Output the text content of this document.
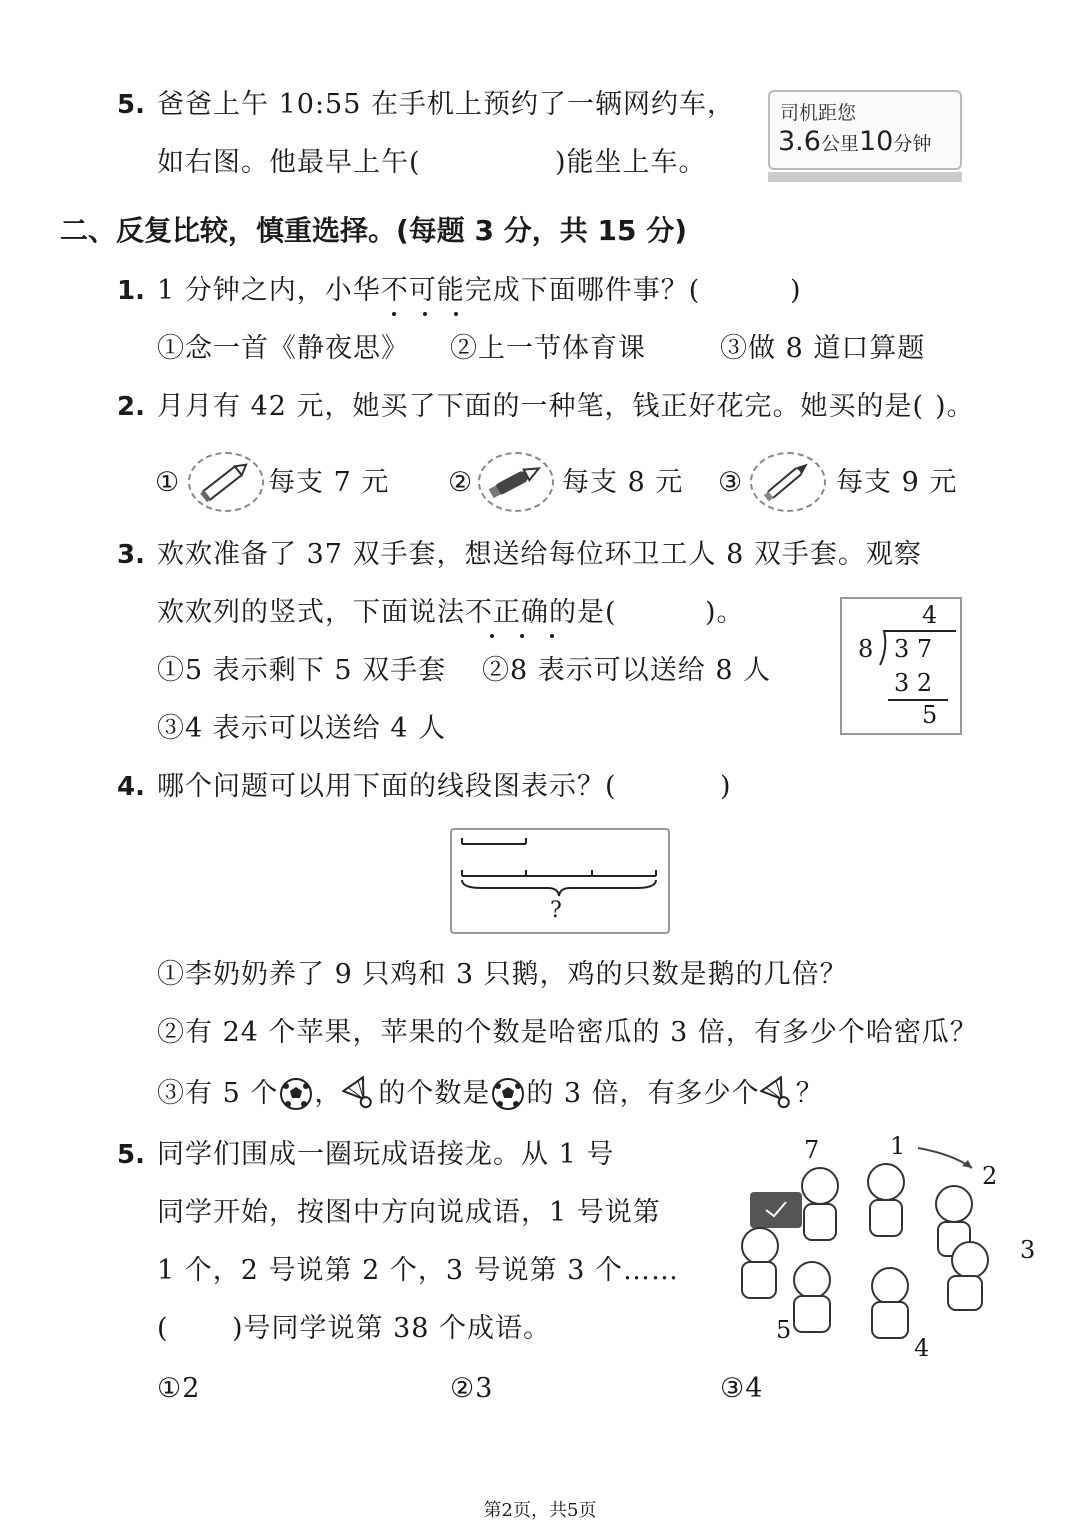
5. 爸爸上午 10:55 在手机上预约了一辆网约车，
如右图。他最早上午(	)能坐上车。
司机距您
3.6公里10分钟
二、反复比较，慎重选择。(每题 3 分，共 15 分)
1. 1 分钟之内，小华不可能完成下面哪件事？(	)
①念一首《静夜思》 ②上一节体育课	③做 8 道口算题
2. 月月有 42 元，她买了下面的一种笔，钱正好花完。她买的是( )。
①	每支 7 元 ②	每支 8 元 ③	每支 9 元
3. 欢欢准备了 37 双手套，想送给每位环卫工人 8 双手套。观察
欢欢列的竖式，下面说法不正确的是(	)。
①5 表示剩下 5 双手套 ②8 表示可以送给 8 人
③4 表示可以送给 4 人
4
8 3 7
3 2
5
4. 哪个问题可以用下面的线段图表示？(	)
?
①李奶奶养了 9 只鸡和 3 只鹅，鸡的只数是鹅的几倍？
②有 24 个苹果，苹果的个数是哈密瓜的 3 倍，有多少个哈密瓜？
③有 5 个 ， 的个数是 的 3 倍，有多少个 ？
5. 同学们围成一圈玩成语接龙。从 1 号
同学开始，按图中方向说成语，1 号说第
1 个，2 号说第 2 个，3 号说第 3 个……
( )号同学说第 38 个成语。
①2	②3	③4
7	1
2
3
4
5
第2页，共5页
